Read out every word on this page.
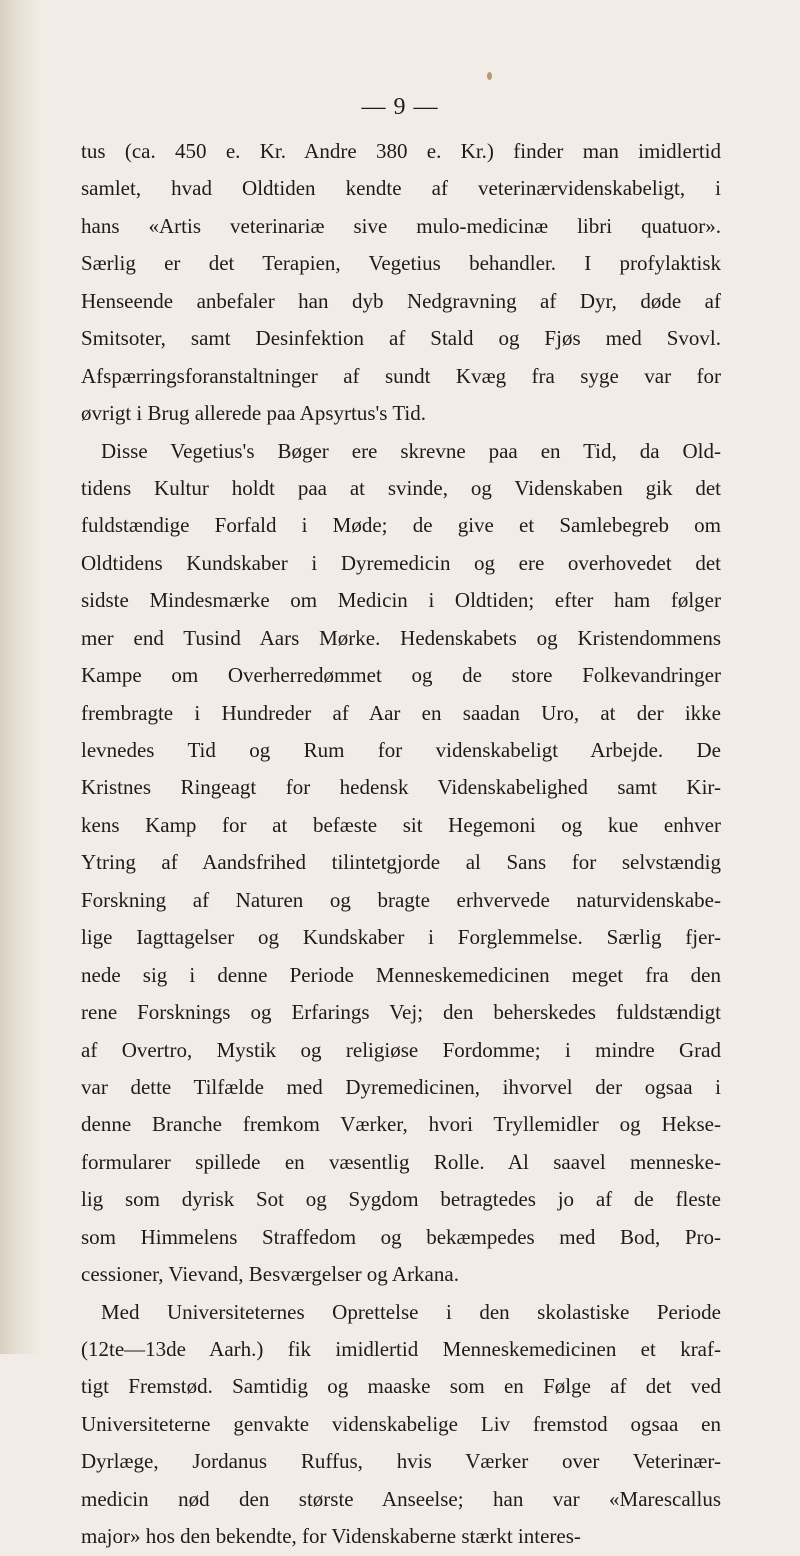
— 9 —
tus (ca. 450 e. Kr. Andre 380 e. Kr.) finder man imidlertid
samlet, hvad Oldtiden kendte af veterinærvidenskabeligt, i
hans «Artis veterinariæ sive mulo-medicinæ libri quatuor».
Særlig er det Terapien, Vegetius behandler. I profylaktisk
Henseende anbefaler han dyb Nedgravning af Dyr, døde af
Smitsoter, samt Desinfektion af Stald og Fjøs med Svovl.
Afspærringsforanstaltninger af sundt Kvæg fra syge var for
øvrigt i Brug allerede paa Apsyrtus's Tid.
Disse Vegetius's Bøger ere skrevne paa en Tid, da Old-
tidens Kultur holdt paa at svinde, og Videnskaben gik det
fuldstændige Forfald i Møde; de give et Samlebegreb om
Oldtidens Kundskaber i Dyremedicin og ere overhovedet det
sidste Mindesmærke om Medicin i Oldtiden; efter ham følger
mer end Tusind Aars Mørke. Hedenskabets og Kristendommens
Kampe om Overherredømmet og de store Folkevandringer
frembragte i Hundreder af Aar en saadan Uro, at der ikke
levnedes Tid og Rum for videnskabeligt Arbejde. De
Kristnes Ringeagt for hedensk Videnskabelighed samt Kir-
kens Kamp for at befæste sit Hegemoni og kue enhver
Ytring af Aandsfrihed tilintetgjorde al Sans for selvstændig
Forskning af Naturen og bragte erhvervede naturvidenskabe-
lige Iagttagelser og Kundskaber i Forglemmelse. Særlig fjer-
nede sig i denne Periode Menneskemedicinen meget fra den
rene Forsknings og Erfarings Vej; den beherskedes fuldstændigt
af Overtro, Mystik og religiøse Fordomme; i mindre Grad
var dette Tilfælde med Dyremedicinen, ihvorvel der ogsaa i
denne Branche fremkom Værker, hvori Tryllemidler og Hekse-
formularer spillede en væsentlig Rolle. Al saavel menneske-
lig som dyrisk Sot og Sygdom betragtedes jo af de fleste
som Himmelens Straffedom og bekæmpedes med Bod, Pro-
cessioner, Vievand, Besværgelser og Arkana.
Med Universiteternes Oprettelse i den skolastiske Periode
(12te—13de Aarh.) fik imidlertid Menneskemedicinen et kraf-
tigt Fremstød. Samtidig og maaske som en Følge af det ved
Universiteterne genvakte videnskabelige Liv fremstod ogsaa en
Dyrlæge, Jordanus Ruffus, hvis Værker over Veterinær-
medicin nød den største Anseelse; han var «Marescallus
major» hos den bekendte, for Videnskaberne stærkt interes-
